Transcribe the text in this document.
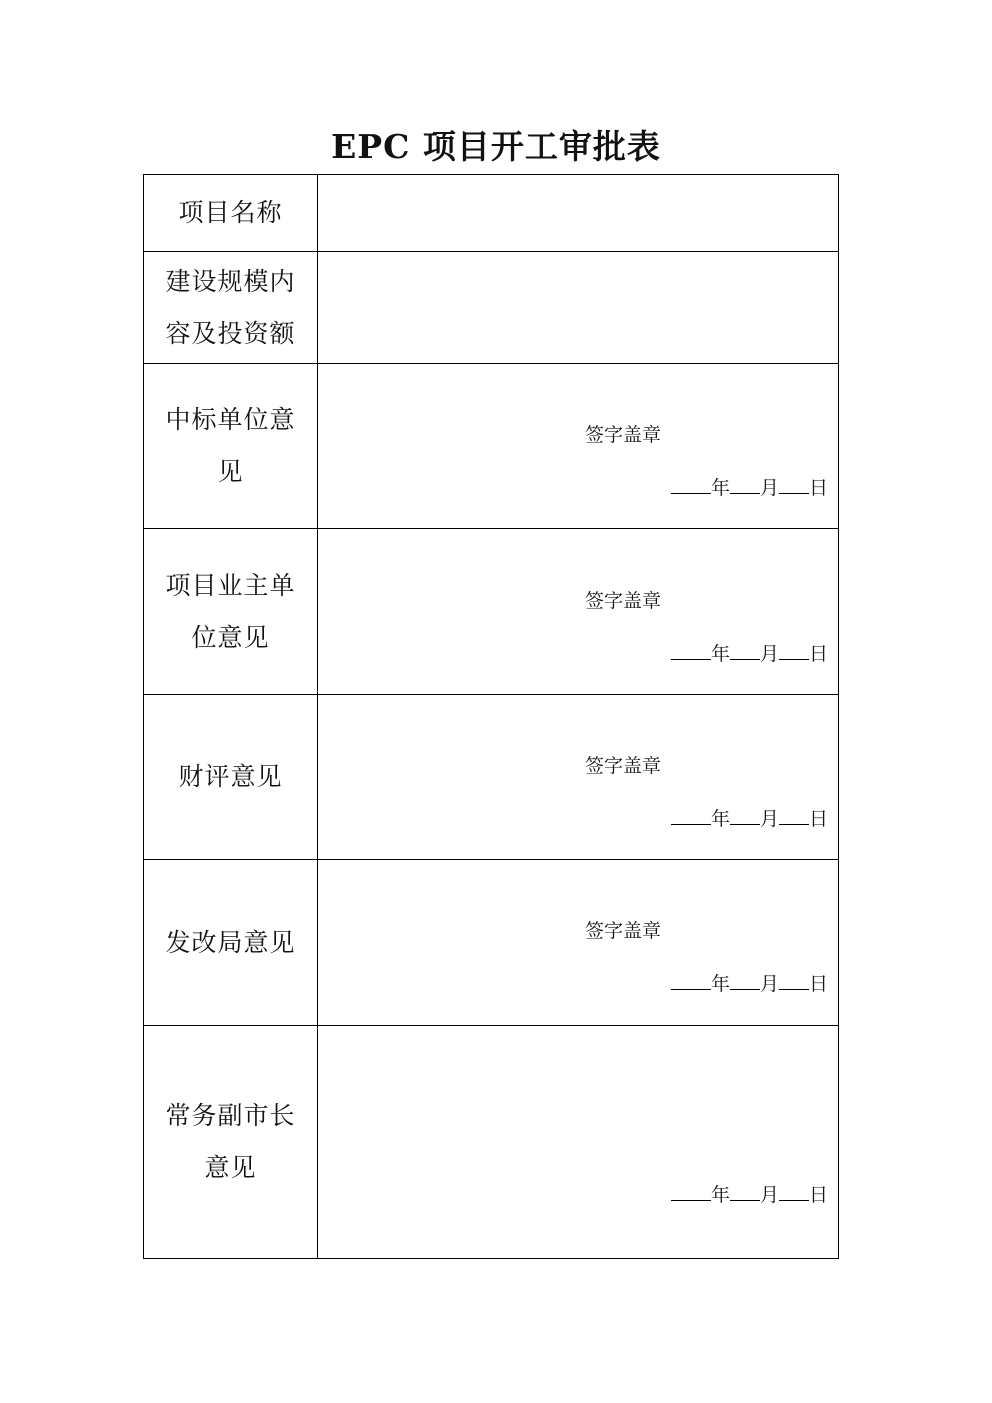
EPC 项目开工审批表
项目名称
建设规模内容及投资额
中标单位意见
签字盖章
年 月 日
项目业主单位意见
签字盖章
年 月 日
财评意见	签字盖章
年 月 日
发改局意见	签字盖章
年 月 日
常务副市长意见
年 月 日
